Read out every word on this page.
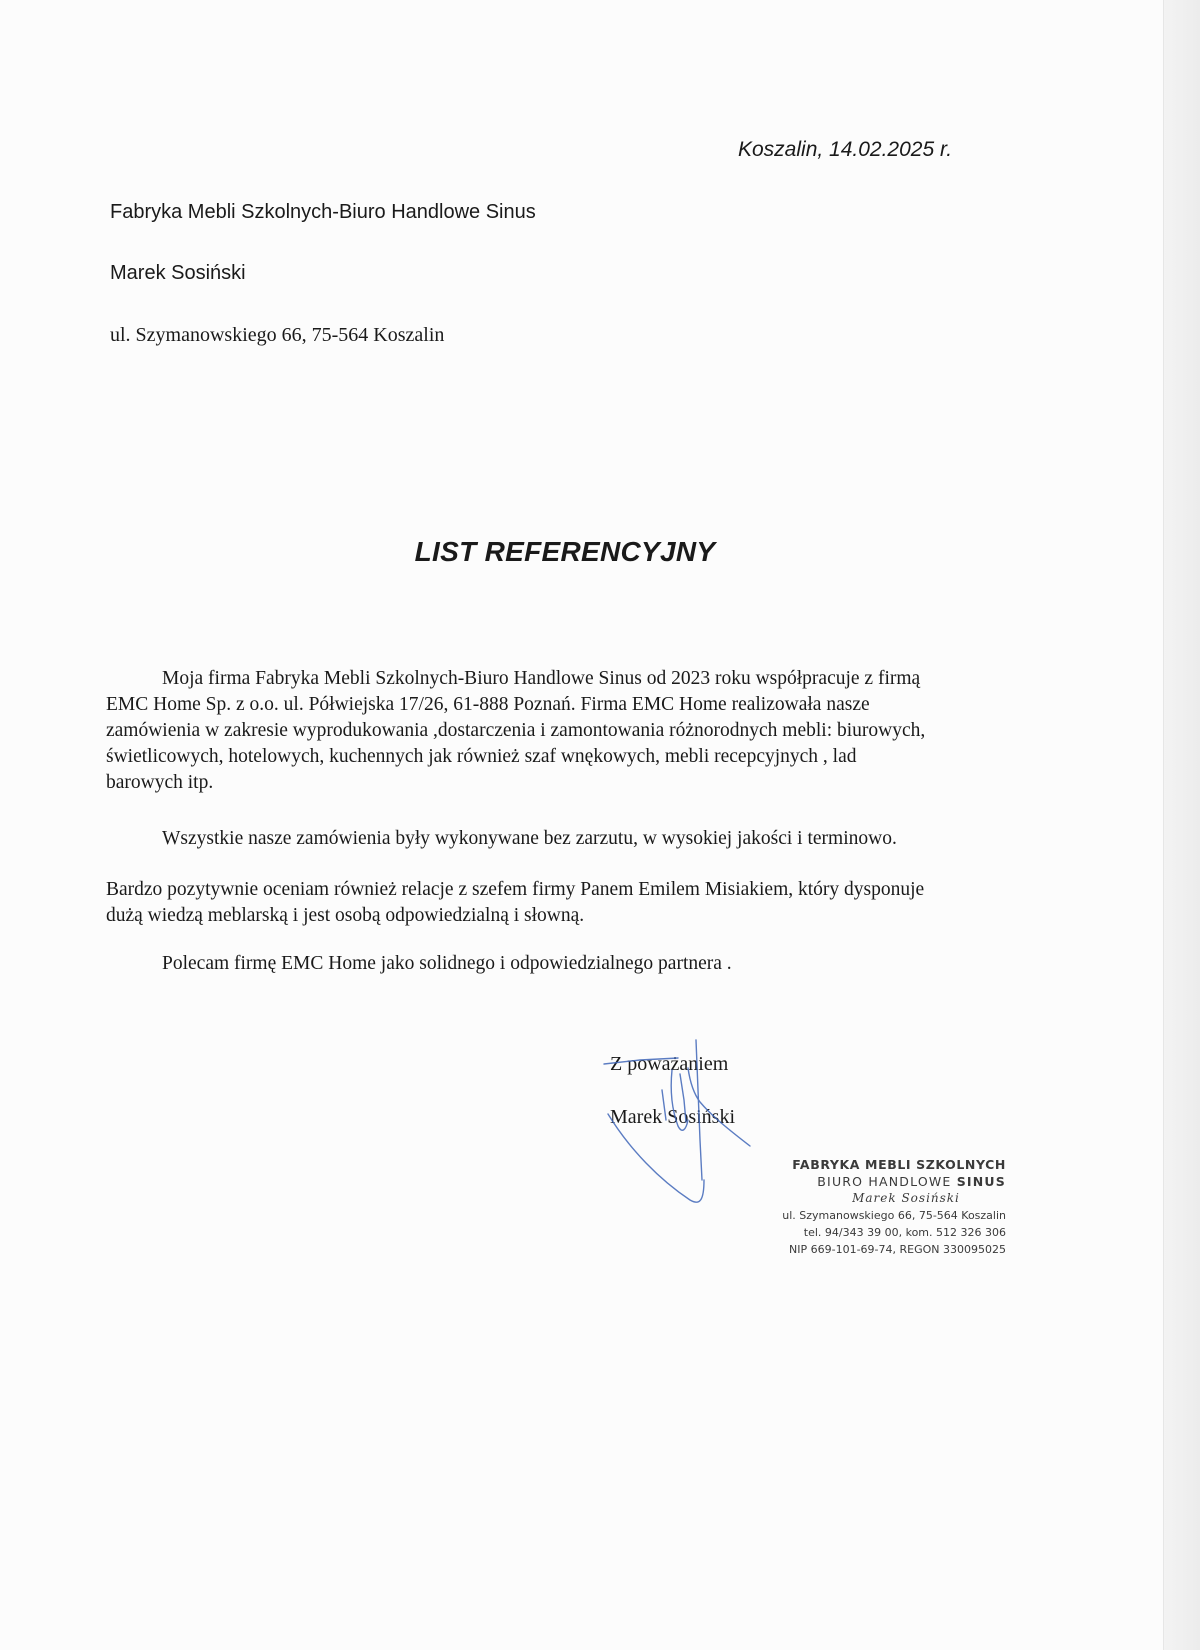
Koszalin, 14.02.2025 r.
Fabryka Mebli Szkolnych-Biuro Handlowe Sinus
Marek Sosiński
ul. Szymanowskiego 66, 75-564 Koszalin
LIST REFERENCYJNY
Moja firma Fabryka Mebli Szkolnych-Biuro Handlowe Sinus od 2023 roku współpracuje z firmą
EMC Home Sp. z o.o. ul. Półwiejska 17/26, 61-888 Poznań. Firma EMC Home realizowała nasze
zamówienia w zakresie wyprodukowania ,dostarczenia i zamontowania różnorodnych mebli: biurowych,
świetlicowych, hotelowych, kuchennych jak również szaf wnękowych, mebli recepcyjnych , lad
barowych itp.
Wszystkie nasze zamówienia były wykonywane bez zarzutu, w wysokiej jakości i terminowo.
Bardzo pozytywnie oceniam również relacje z szefem firmy Panem Emilem Misiakiem, który dysponuje
dużą wiedzą meblarską i jest osobą odpowiedzialną i słowną.
Polecam firmę EMC Home jako solidnego i odpowiedzialnego partnera .
Z poważaniem
Marek Sosiński
FABRYKA MEBLI SZKOLNYCH
BIURO HANDLOWE SINUS
Marek Sosiński
ul. Szymanowskiego 66, 75-564 Koszalin
tel. 94/343 39 00, kom. 512 326 306
NIP 669-101-69-74, REGON 330095025
